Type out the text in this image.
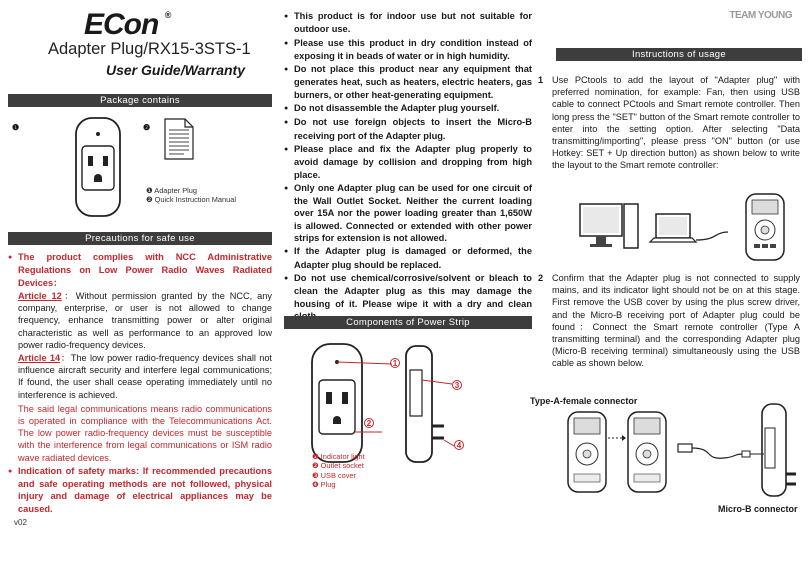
ECon ®
Adapter Plug/RX15-3STS-1
User Guide/Warranty
Package contains
❶	❷
❶ Adapter Plug
❷ Quick Instruction Manual
Precautions for safe use
● The product complies with NCC Administrative Regulations on Low Power Radio Waves Radiated Devices：
Article 12：Without permission granted by the NCC, any company, enterprise, or user is not allowed to change frequency, enhance transmitting power or alter original characteristic as well as performance to an approved low power radio-frequency devices.
Article 14：The low power radio-frequency devices shall not influence aircraft security and interfere legal communications; If found, the user shall cease operating immediately until no interference is achieved.
The said legal communications means radio communications is operated in compliance with the Telecommunications Act. The low power radio-frequency devices must be susceptible with the interference from legal communications or ISM radio wave radiated devices.
● Indication of safety marks: If recommended precautions and safe operating methods are not followed, physical injury and damage of electrical appliances may be caused.
v02
● This product is for indoor use but not suitable for outdoor use.
● Please use this product in dry condition instead of exposing it in beads of water or in high humidity.
● Do not place this product near any equipment that generates heat, such as heaters, electric heaters, gas burners, or other heat-generating equipment.
● Do not disassemble the Adapter plug yourself.
● Do not use foreign objects to insert the Micro-B receiving port of the Adapter plug.
● Please place and fix the Adapter plug properly to avoid damage by collision and dropping from high place.
● Only one Adapter plug can be used for one circuit of the Wall Outlet Socket. Neither the current loading over 15A nor the power loading greater than 1,650W is allowed. Connected or extended with other power strips for extension is not allowed.
● If the Adapter plug is damaged or deformed, the Adapter plug should be replaced.
● Do not use chemical/corrosive/solvent or bleach to clean the Adapter plug as this may damage the housing of it. Please wipe it with a dry and clean
Components of Power Strip
1
2
3
4
❶ Indicator light
❷ Outlet socket
❸ USB cover
❹ Plug
TEAM YOUNG
Instructions of usage
1 Use PCtools to add the layout of "Adapter plug" with preferred nomination, for example: Fan, then using USB cable to connect PCtools and Smart remote controller. Then long press the "SET" button of the Smart remote controller to enter into the setting option. After selecting "Data transmitting/importing", please press "ON" button (or use Hotkey: SET + Up direction button) as shown below to write the layout to the Smart remote controller:
2 Confirm that the Adapter plug is not connected to supply mains, and its indicator light should not be on at this stage. First remove the USB cover by using the plus screw driver, and the Micro-B receiving port of Adapter plug could be found：Connect the Smart remote controller (Type A transmitting terminal) and the corresponding Adapter plug (Micro-B receiving terminal) simultaneously using the USB cable as shown below.
Type-A-female connector
Micro-B connector
